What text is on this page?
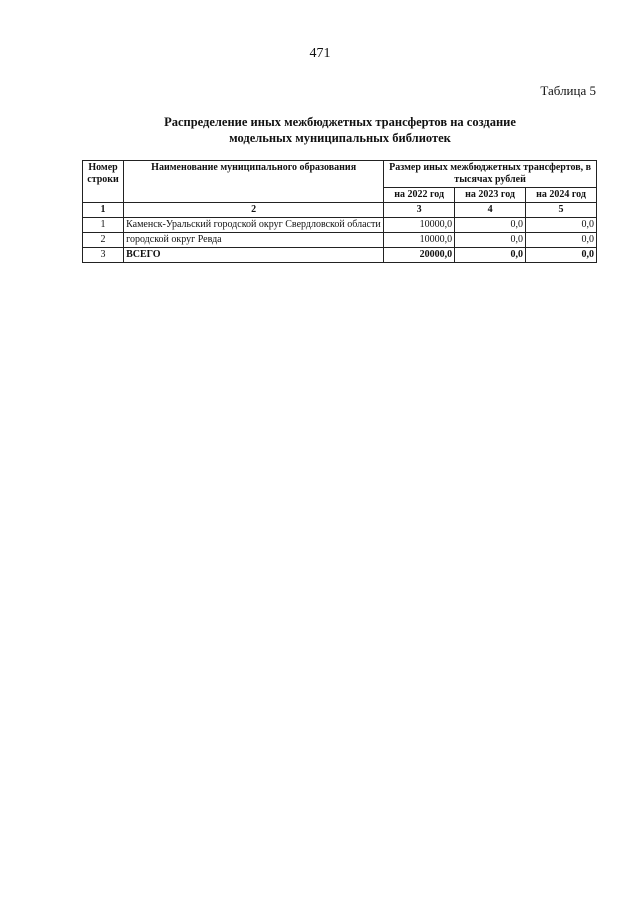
471
Таблица 5
Распределение иных межбюджетных трансфертов на создание
модельных муниципальных библиотек
Номер строки	Наименование муниципального образования	Размер иных межбюджетных трансфертов, в тысячах рублей		
		на 2022 год	на 2023 год	на 2024 год
1	2	3	4	5
1	Каменск-Уральский городской округ Свердловской области	10000,0	0,0	0,0
2	городской округ Ревда	10000,0	0,0	0,0
3	ВСЕГО	20000,0	0,0	0,0
